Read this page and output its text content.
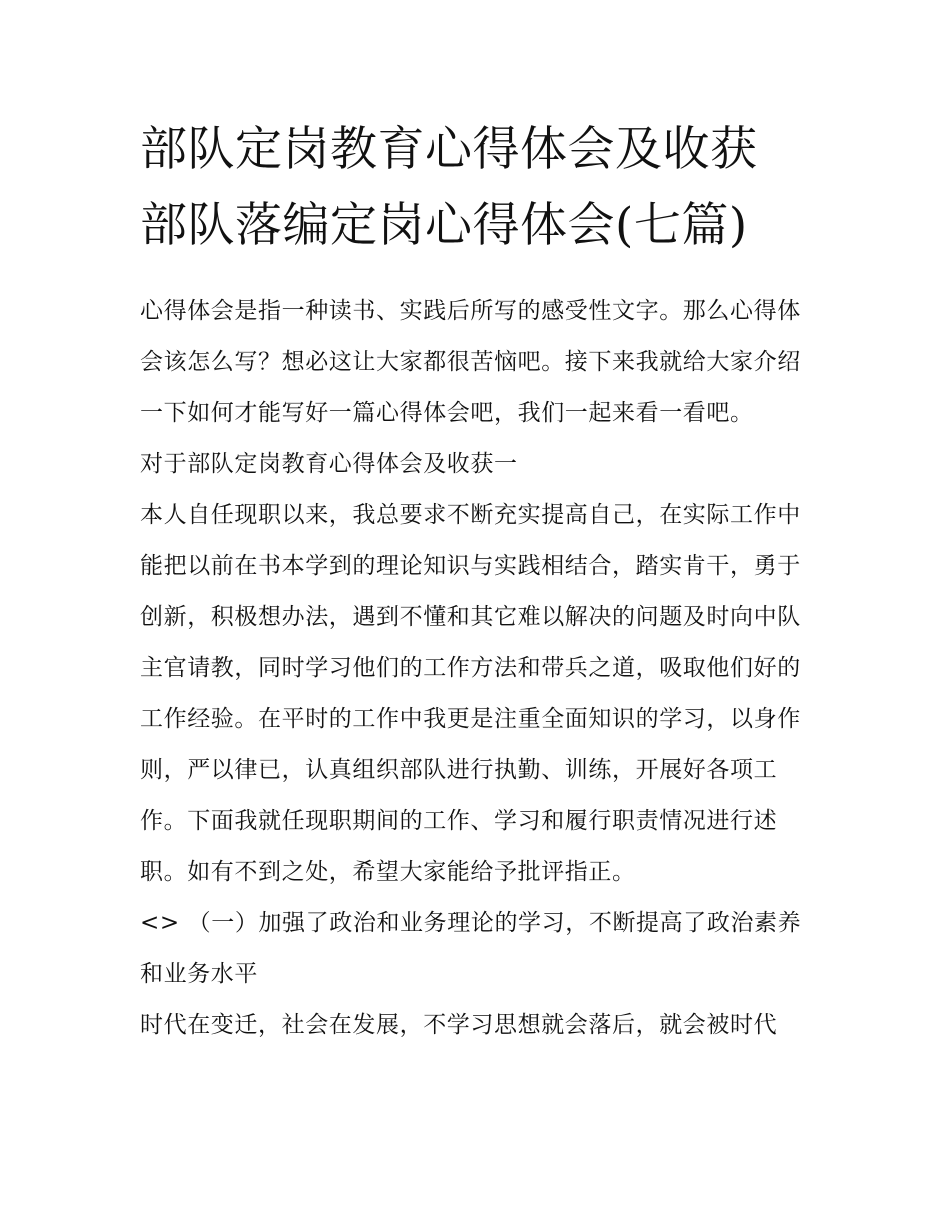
部队定岗教育心得体会及收获
部队落编定岗心得体会(七篇)

心得体会是指一种读书、实践后所写的感受性文字。那么心得体会该怎么写？想必这让大家都很苦恼吧。接下来我就给大家介绍一下如何才能写好一篇心得体会吧，我们一起来看一看吧。

对于部队定岗教育心得体会及收获一

本人自任现职以来，我总要求不断充实提高自己，在实际工作中能把以前在书本学到的理论知识与实践相结合，踏实肯干，勇于创新，积极想办法，遇到不懂和其它难以解决的问题及时向中队主官请教，同时学习他们的工作方法和带兵之道，吸取他们好的工作经验。在平时的工作中我更是注重全面知识的学习，以身作则，严以律已，认真组织部队进行执勤、训练，开展好各项工作。下面我就任现职期间的工作、学习和履行职责情况进行述职。如有不到之处，希望大家能给予批评指正。

<> （一）加强了政治和业务理论的学习，不断提高了政治素养和业务水平

时代在变迁，社会在发展，不学习思想就会落后，就会被时代
